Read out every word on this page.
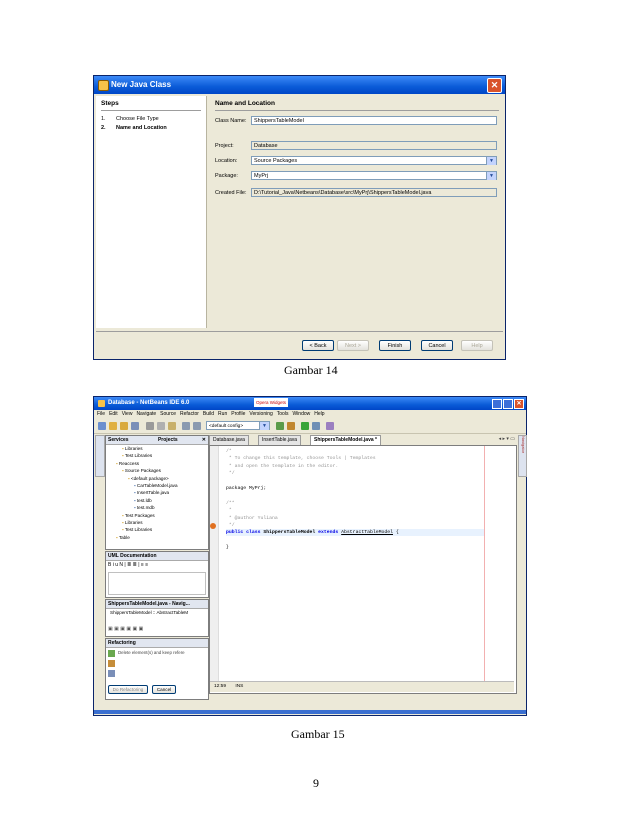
New Java Class	✕
Steps
1. Choose File Type
2. Name and Location
Name and Location
Class Name:	ShippersTableModel
Project:	Database
Location:	Source Packages	▼
Package:	MyPrj	▼
Created File:	D:\Tutorial_Java\Netbeans\Database\src\MyPrj\ShippersTableModel.java
< Back	Next >	Finish	Cancel	Help
Gambar 14
Database - NetBeans IDE 6.0	Opera Widgets	✕
File Edit View Navigate Source Refactor Build Run Profile Versioning Tools Window Help
<default config>	▼
Services	Projects	✕
▪ Libraries
▪ Test Libraries
▪ Reaccess
▪ Source Packages
▪ <default package>
▪ CarTableModel.java
▪ InsertTable.java
▪ test.ldb
▪ test.mdb
▪ Test Packages
▪ Libraries
▪ Test Libraries
▪ Table
UML Documentation
B i u N | ≣ ≣ | ≡ ≡
ShippersTableModel.java - Navig...
ShippersTableModel :: AbstractTableM
▣ ▣ ▣ ▣ ▣ ▣
Refactoring
Delete element(s) and keep refere
Do Refactoring	Cancel
Database.java	InsertTable.java	ShippersTableModel.java *	◂ ▸ ▾ ▭
/*
* To change this template, choose Tools | Templates
* and open the template in the editor.
*/

package MyPrj;

/**
*
* @author Yuliana
*/
public class ShippersTableModel extends AbstractTableModel {
}
12:59 INS
Navigator
Gambar 15
9
